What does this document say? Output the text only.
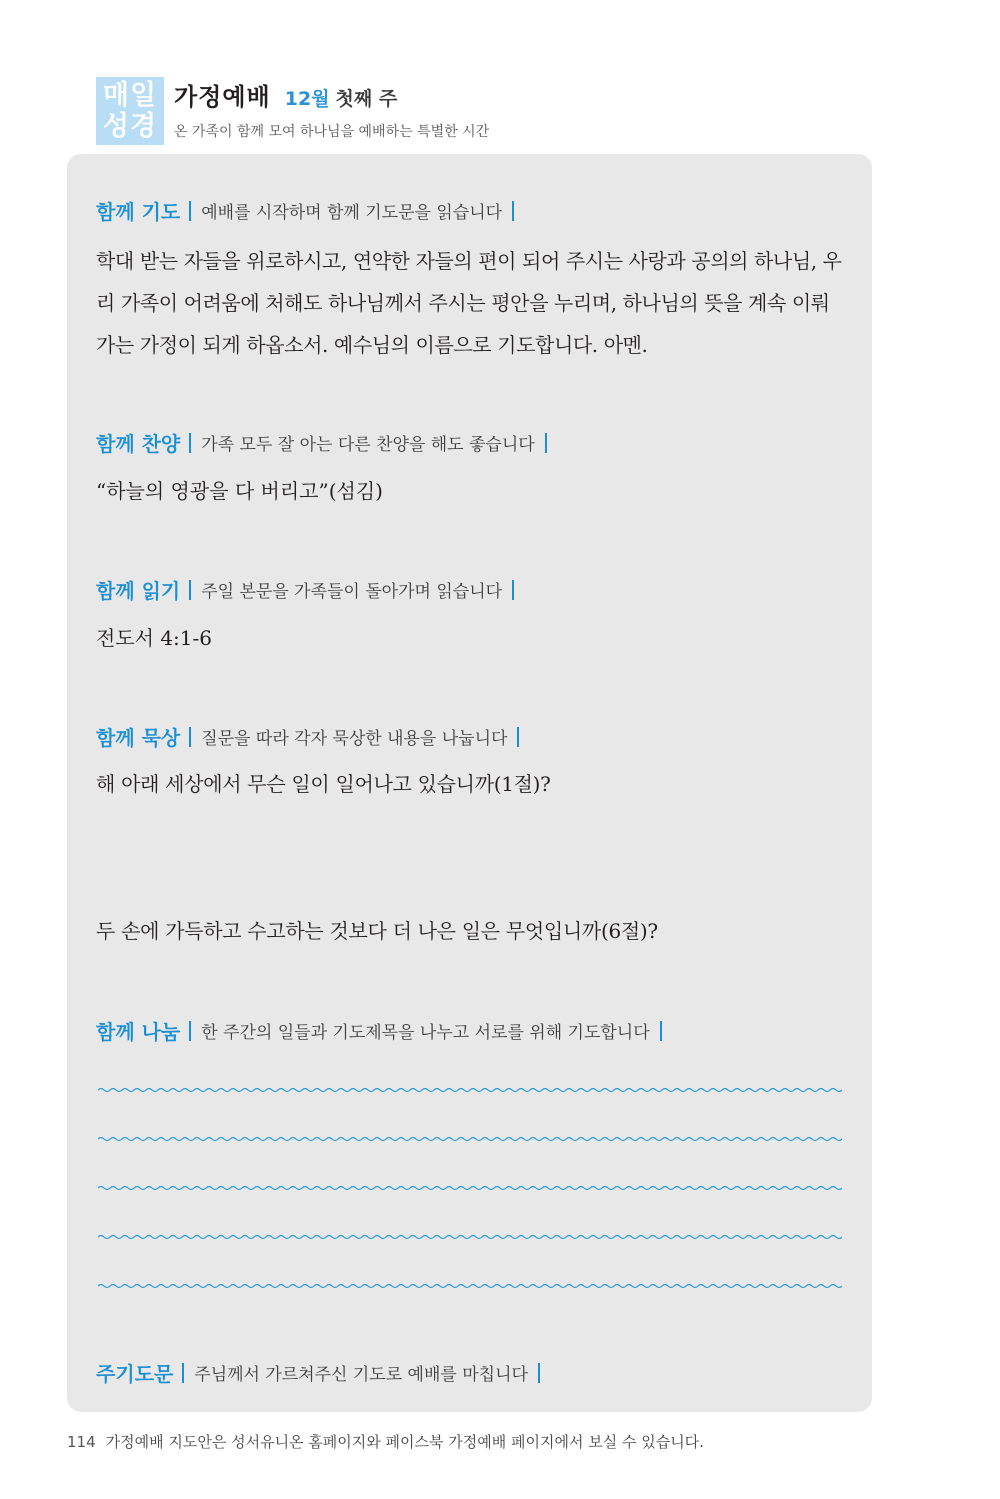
매일
성경
가정예배 12월 첫째 주
온 가족이 함께 모여 하나님을 예배하는 특별한 시간
함께 기도 예배를 시작하며 함께 기도문을 읽습니다
학대 받는 자들을 위로하시고, 연약한 자들의 편이 되어 주시는 사랑과 공의의 하나님, 우리 가족이 어려움에 처해도 하나님께서 주시는 평안을 누리며, 하나님의 뜻을 계속 이뤄 가는 가정이 되게 하옵소서. 예수님의 이름으로 기도합니다. 아멘.
함께 찬양 가족 모두 잘 아는 다른 찬양을 해도 좋습니다
“하늘의 영광을 다 버리고”(섬김)
함께 읽기 주일 본문을 가족들이 돌아가며 읽습니다
전도서 4:1-6
함께 묵상 질문을 따라 각자 묵상한 내용을 나눕니다
해 아래 세상에서 무슨 일이 일어나고 있습니까(1절)?
두 손에 가득하고 수고하는 것보다 더 나은 일은 무엇입니까(6절)?
함께 나눔 한 주간의 일들과 기도제목을 나누고 서로를 위해 기도합니다
주기도문 주님께서 가르쳐주신 기도로 예배를 마칩니다
114 가정예배 지도안은 성서유니온 홈페이지와 페이스북 가정예배 페이지에서 보실 수 있습니다.
